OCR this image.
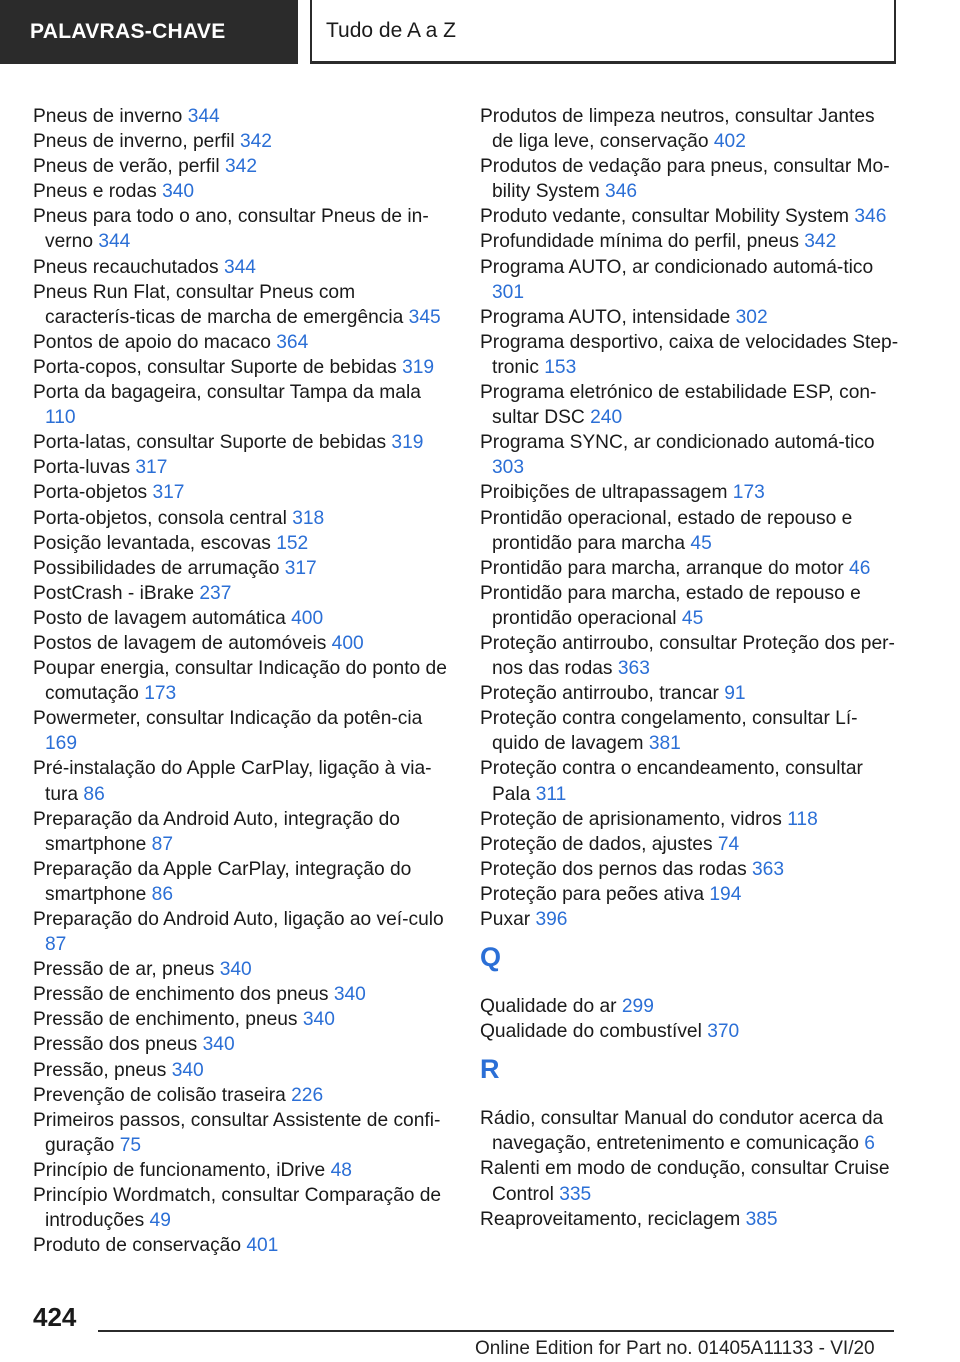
PALAVRAS-CHAVE	Tudo de A a Z

Pneus de inverno 344

Pneus de inverno, perfil 342

Pneus de verão, perfil 342

Pneus e rodas 340

Pneus para todo o ano, consultar Pneus de in-verno 344

Pneus recauchutados 344

Pneus Run Flat, consultar Pneus com caracterís-ticas de marcha de emergência 345

Pontos de apoio do macaco 364

Porta-copos, consultar Suporte de bebidas 319

Porta da bagageira, consultar Tampa da mala 110

Porta-latas, consultar Suporte de bebidas 319

Porta-luvas 317

Porta-objetos 317

Porta-objetos, consola central 318

Posição levantada, escovas 152

Possibilidades de arrumação 317

PostCrash - iBrake 237

Posto de lavagem automática 400

Postos de lavagem de automóveis 400

Poupar energia, consultar Indicação do ponto de comutação 173

Powermeter, consultar Indicação da potên-cia 169

Pré-instalação do Apple CarPlay, ligação à via-tura 86

Preparação da Android Auto, integração do smartphone 87

Preparação da Apple CarPlay, integração do smartphone 86

Preparação do Android Auto, ligação ao veí-culo 87

Pressão de ar, pneus 340

Pressão de enchimento dos pneus 340

Pressão de enchimento, pneus 340

Pressão dos pneus 340

Pressão, pneus 340

Prevenção de colisão traseira 226

Primeiros passos, consultar Assistente de confi-guração 75

Princípio de funcionamento, iDrive 48

Princípio Wordmatch, consultar Comparação de introduções 49

Produto de conservação 401

Produtos de limpeza neutros, consultar Jantes de liga leve, conservação 402

Produtos de vedação para pneus, consultar Mo-bility System 346

Produto vedante, consultar Mobility System 346

Profundidade mínima do perfil, pneus 342

Programa AUTO, ar condicionado automá-tico 301

Programa AUTO, intensidade 302

Programa desportivo, caixa de velocidades Step-tronic 153

Programa eletrónico de estabilidade ESP, con-sultar DSC 240

Programa SYNC, ar condicionado automá-tico 303

Proibições de ultrapassagem 173

Prontidão operacional, estado de repouso e prontidão para marcha 45

Prontidão para marcha, arranque do motor 46

Prontidão para marcha, estado de repouso e prontidão operacional 45

Proteção antirroubo, consultar Proteção dos per-nos das rodas 363

Proteção antirroubo, trancar 91

Proteção contra congelamento, consultar Lí-quido de lavagem 381

Proteção contra o encandeamento, consultar Pala 311

Proteção de aprisionamento, vidros 118

Proteção de dados, ajustes 74

Proteção dos pernos das rodas 363

Proteção para peões ativa 194

Puxar 396

Q

Qualidade do ar 299

Qualidade do combustível 370

R

Rádio, consultar Manual do condutor acerca da navegação, entretenimento e comunicação 6

Ralenti em modo de condução, consultar Cruise Control 335

Reaproveitamento, reciclagem 385

424
Online Edition for Part no. 01405A11133 - VI/20
